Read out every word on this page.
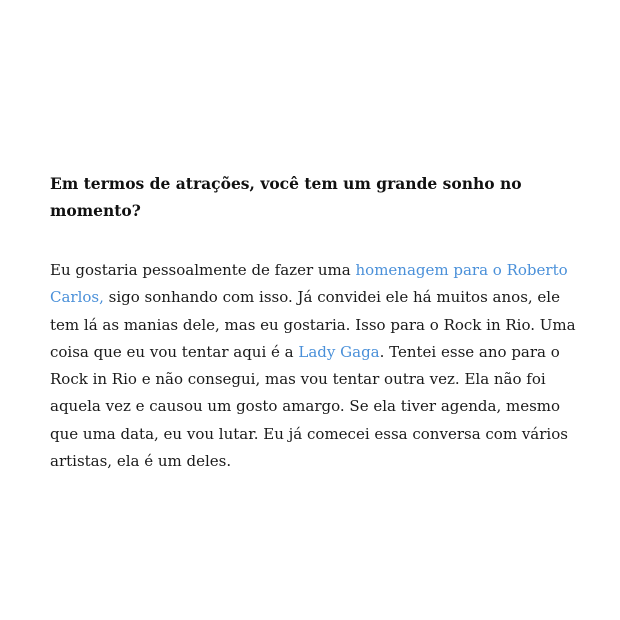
Em termos de atrações, você tem um grande sonho no momento?

Eu gostaria pessoalmente de fazer uma homenagem para o Roberto Carlos, sigo sonhando com isso. Já convidei ele há muitos anos, ele tem lá as manias dele, mas eu gostaria. Isso para o Rock in Rio. Uma coisa que eu vou tentar aqui é a Lady Gaga. Tentei esse ano para o Rock in Rio e não consegui, mas vou tentar outra vez. Ela não foi aquela vez e causou um gosto amargo. Se ela tiver agenda, mesmo que uma data, eu vou lutar. Eu já comecei essa conversa com vários artistas, ela é um deles.
